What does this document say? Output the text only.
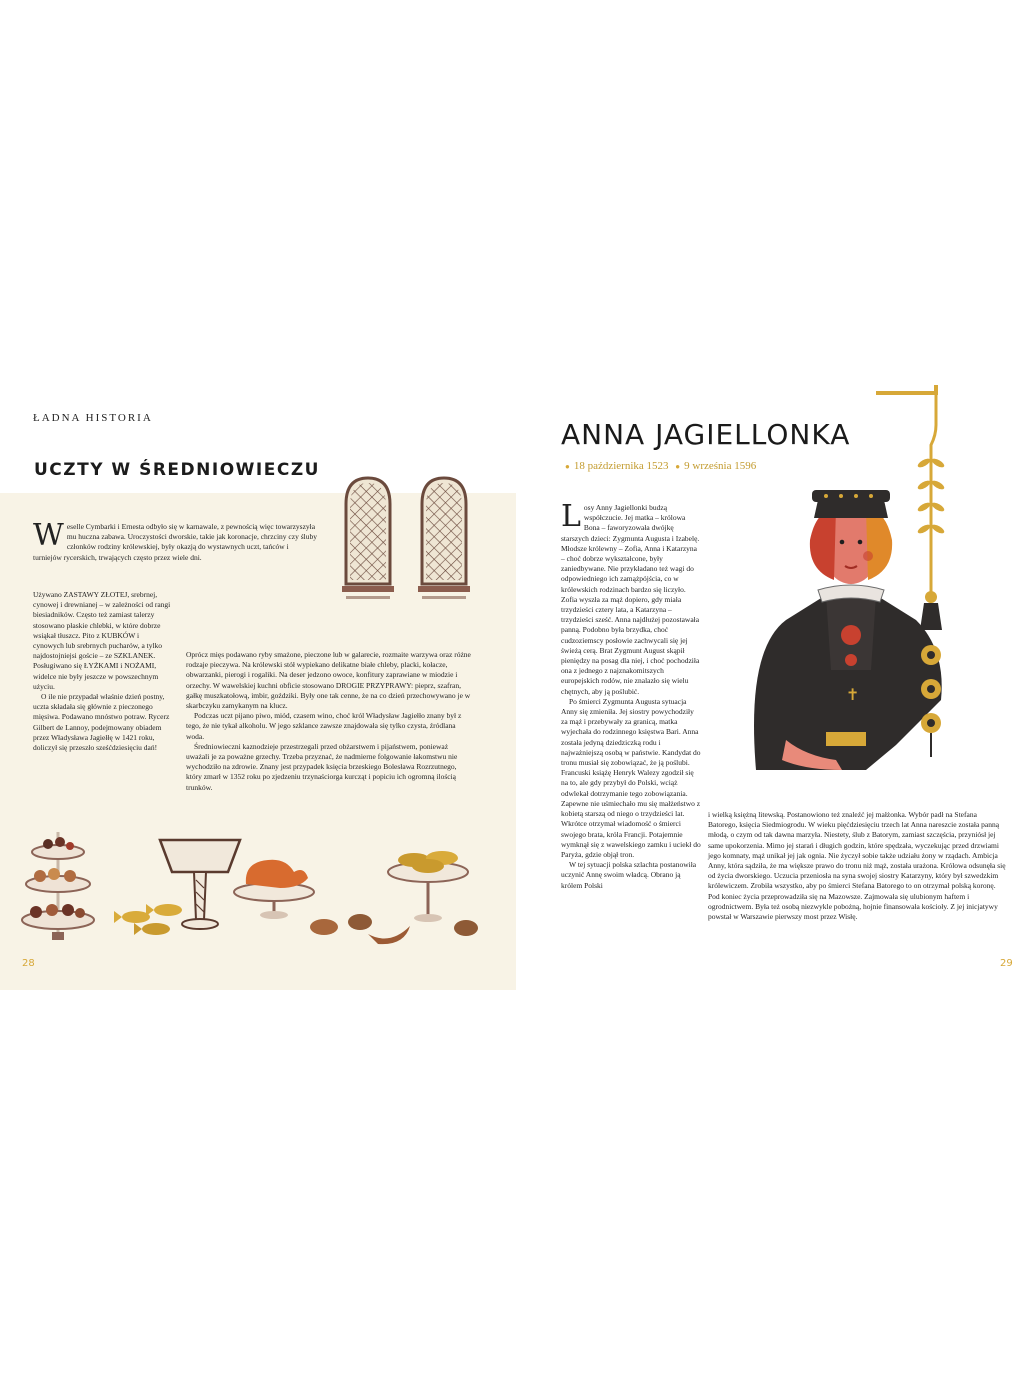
ŁADNA HISTORIA
UCZTY W ŚREDNIOWIECZU
W eselle Cymbarki i Ernesta odbyło się w karnawale, z pewnością więc towarzyszyła mu huczna zabawa. Uroczystości dworskie, takie jak koronacje, chrzciny czy śluby członków rodziny królewskiej, były okazją do wystawnych uczt, tańców i turniejów rycerskich, trwających często przez wiele dni.

Używano ZASTAWY ZŁOTEJ, srebrnej, cynowej i drewnianej – w zależności od rangi biesiadników. Często też zamiast talerzy stosowano płaskie chlebki, w które dobrze wsiąkał tłuszcz. Pito z KUBKÓW i cynowych lub srebrnych pucharów, a tylko najdostojniejsi goście – ze SZKLANEK. Posługiwano się ŁYŻKAMI i NOŻAMI, widelce nie były jeszcze w powszechnym użyciu.

O ile nie przypadał właśnie dzień postny, uczta składała się głównie z pieczonego mięsiwa. Podawano mnóstwo potraw. Rycerz Gilbert de Lannoy, podejmowany obiadem przez Władysława Jagiełłę w 1421 roku, doliczył się przeszło sześćdziesięciu dań!

Oprócz mięs podawano ryby smażone, pieczone lub w galarecie, rozmaite warzywa oraz różne rodzaje pieczywa. Na królewski stół wypiekano delikatne białe chleby, placki, kołacze, obwarzanki, pierogi i rogaliki. Na deser jedzono owoce, konfitury zaprawiane w miodzie i orzechy. W wawelskiej kuchni obficie stosowano DROGIE PRZYPRAWY: pieprz, szafran, gałkę muszkatołową, imbir, goździki. Były one tak cenne, że na co dzień przechowywano je w skarbczyku zamykanym na klucz.

Podczas uczt pijano piwo, miód, czasem wino, choć król Władysław Jagiełło znany był z tego, że nie tykał alkoholu. W jego szklance zawsze znajdowała się tylko czysta, źródlana woda.

Średniowieczni kaznodzieje przestrzegali przed obżarstwem i pijaństwem, ponieważ uważali je za poważne grzechy. Trzeba przyznać, że nadmierne folgowanie łakomstwu nie wychodziło na zdrowie. Znany jest przypadek księcia brzeskiego Bolesława Rozrzutnego, który zmarł w 1352 roku po zjedzeniu trzynaściorga kurcząt i popiciu ich ogromną ilością trunków.

28
ANNA JAGIELLONKA
● 18 października 1523 ● 9 września 1596
L osy Anny Jagiellonki budzą współczucie. Jej matka – królowa Bona – faworyzowała dwójkę starszych dzieci: Zygmunta Augusta i Izabelę. Młodsze królewny – Zofia, Anna i Katarzyna – choć dobrze wykształcone, były zaniedbywane. Nie przykładano też wagi do odpowiedniego ich zamążpójścia, co w królewskich rodzinach bardzo się liczyło. Zofia wyszła za mąż dopiero, gdy miała trzydzieści cztery lata, a Katarzyna – trzydzieści sześć. Anna najdłużej pozostawała panną. Podobno była brzydka, choć cudzoziemscy posłowie zachwycali się jej świeżą cerą. Brat Zygmunt August skąpił pieniędzy na posag dla niej, i choć pochodziła ona z jednego z najznakomitszych europejskich rodów, nie znalazło się wielu chętnych, aby ją poślubić.

Po śmierci Zygmunta Augusta sytuacja Anny się zmieniła. Jej siostry powychodziły za mąż i przebywały za granicą, matka wyjechała do rodzinnego księstwa Bari. Anna została jedyną dziedziczką rodu i najważniejszą osobą w państwie. Kandydat do tronu musiał się zobowiązać, że ją poślubi. Francuski książę Henryk Walezy zgodził się na to, ale gdy przybył do Polski, wciąż odwlekał dotrzymanie tego zobowiązania. Zapewne nie uśmiechało mu się małżeństwo z kobietą starszą od niego o trzydzieści lat. Wkrótce otrzymał wiadomość o śmierci swojego brata, króla Francji. Potajemnie wymknął się z wawelskiego zamku i uciekł do Paryża, gdzie objął tron.

W tej sytuacji polska szlachta postanowiła uczynić Annę swoim władcą. Obrano ją królem Polski

i wielką księżną litewską. Postanowiono też znaleźć jej małżonka. Wybór padł na Stefana Batorego, księcia Siedmiogrodu. W wieku pięćdziesięciu trzech lat Anna nareszcie została panną młodą, o czym od tak dawna marzyła. Niestety, ślub z Batorym, zamiast szczęścia, przyniósł jej same upokorzenia. Mimo jej starań i długich godzin, które spędzała, wyczekując przed drzwiami jego komnaty, mąż unikał jej jak ognia. Nie życzył sobie także udziału żony w rządach. Ambicja Anny, która sądziła, że ma większe prawo do tronu niż mąż, została urażona. Królowa odsunęła się od życia dworskiego. Uczucia przeniosła na syna swojej siostry Katarzyny, który był szwedzkim królewiczem. Zrobiła wszystko, aby po śmierci Stefana Batorego to on otrzymał polską koronę. Pod koniec życia przeprowadziła się na Mazowsze. Zajmowała się ulubionym haftem i ogrodnictwem. Była też osobą niezwykle pobożną, hojnie finansowała kościoły. Z jej inicjatywy powstał w Warszawie pierwszy most przez Wisłę.

✝
29
